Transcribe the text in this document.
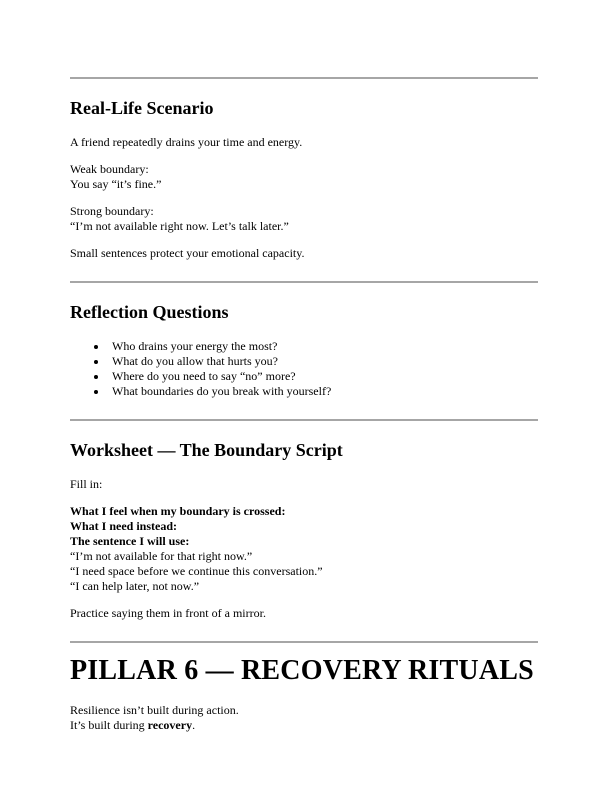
Real-Life Scenario

A friend repeatedly drains your time and energy.

Weak boundary:
You say “it’s fine.”

Strong boundary:
“I’m not available right now. Let’s talk later.”

Small sentences protect your emotional capacity.

Reflection Questions
• Who drains your energy the most?
• What do you allow that hurts you?
• Where do you need to say “no” more?
• What boundaries do you break with yourself?
Worksheet — The Boundary Script

Fill in:

What I feel when my boundary is crossed:
What I need instead:
The sentence I will use:
“I’m not available for that right now.”
“I need space before we continue this conversation.”
“I can help later, not now.”

Practice saying them in front of a mirror.

PILLAR 6 — RECOVERY RITUALS

Resilience isn’t built during action.
It’s built during recovery.
